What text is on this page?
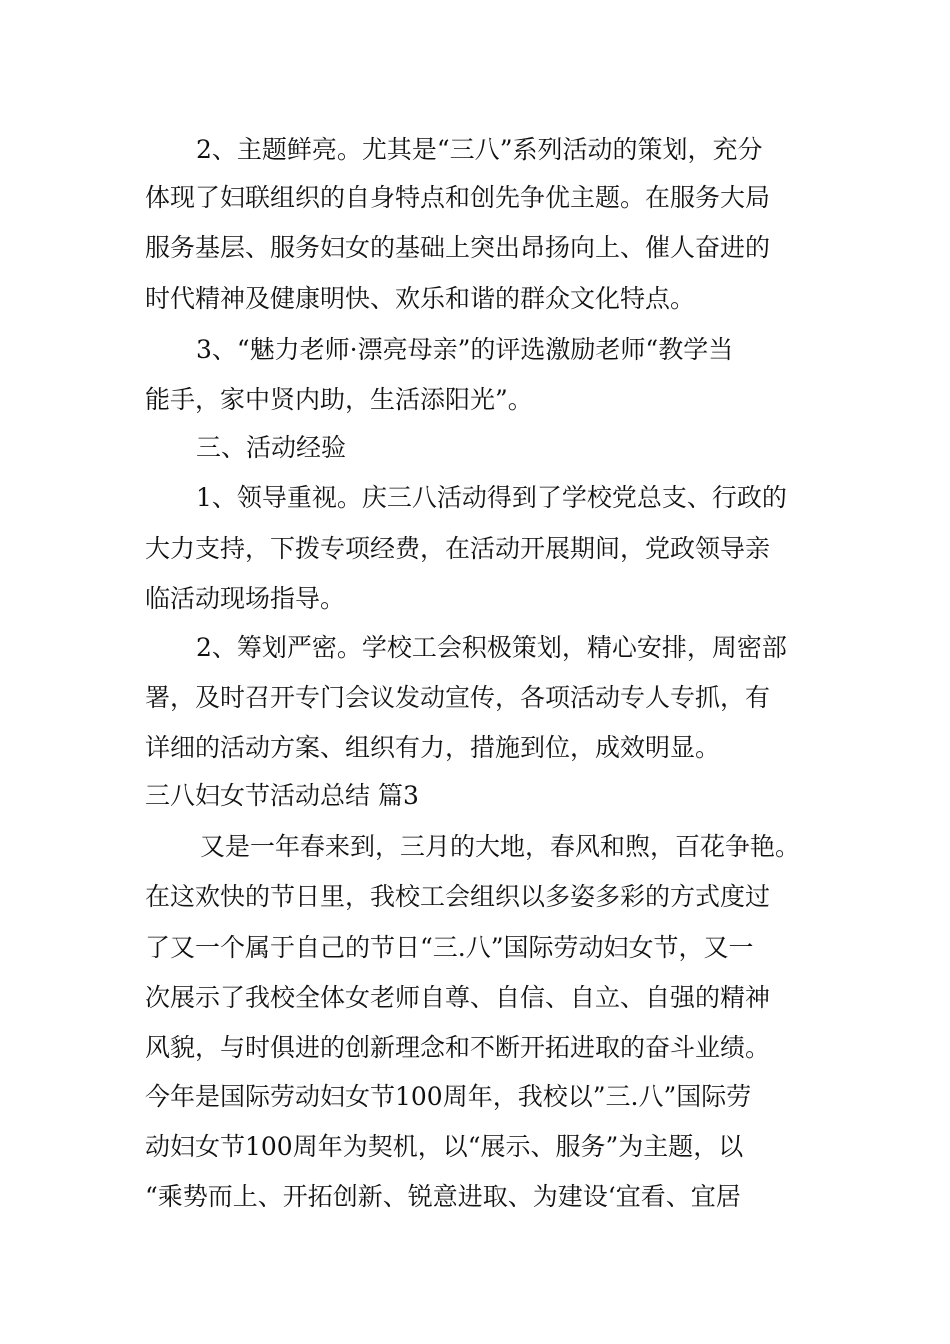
2、主题鲜亮。尤其是“三八”系列活动的策划，充分
体现了妇联组织的自身特点和创先争优主题。在服务大局
服务基层、服务妇女的基础上突出昂扬向上、催人奋进的
时代精神及健康明快、欢乐和谐的群众文化特点。
3、“魅力老师·漂亮母亲”的评选激励老师“教学当
能手，家中贤内助，生活添阳光”。
三、活动经验
1、领导重视。庆三八活动得到了学校党总支、行政的
大力支持，下拨专项经费，在活动开展期间，党政领导亲
临活动现场指导。
2、筹划严密。学校工会积极策划，精心安排，周密部
署，及时召开专门会议发动宣传，各项活动专人专抓，有
详细的活动方案、组织有力，措施到位，成效明显。
三八妇女节活动总结 篇3
又是一年春来到，三月的大地，春风和煦，百花争艳。
在这欢快的节日里，我校工会组织以多姿多彩的方式度过
了又一个属于自己的节日“三.八”国际劳动妇女节，又一
次展示了我校全体女老师自尊、自信、自立、自强的精神
风貌，与时俱进的创新理念和不断开拓进取的奋斗业绩。
今年是国际劳动妇女节100周年，我校以”三.八”国际劳
动妇女节100周年为契机，以“展示、服务”为主题，以
“乘势而上、开拓创新、锐意进取、为建设‘宜看、宜居
